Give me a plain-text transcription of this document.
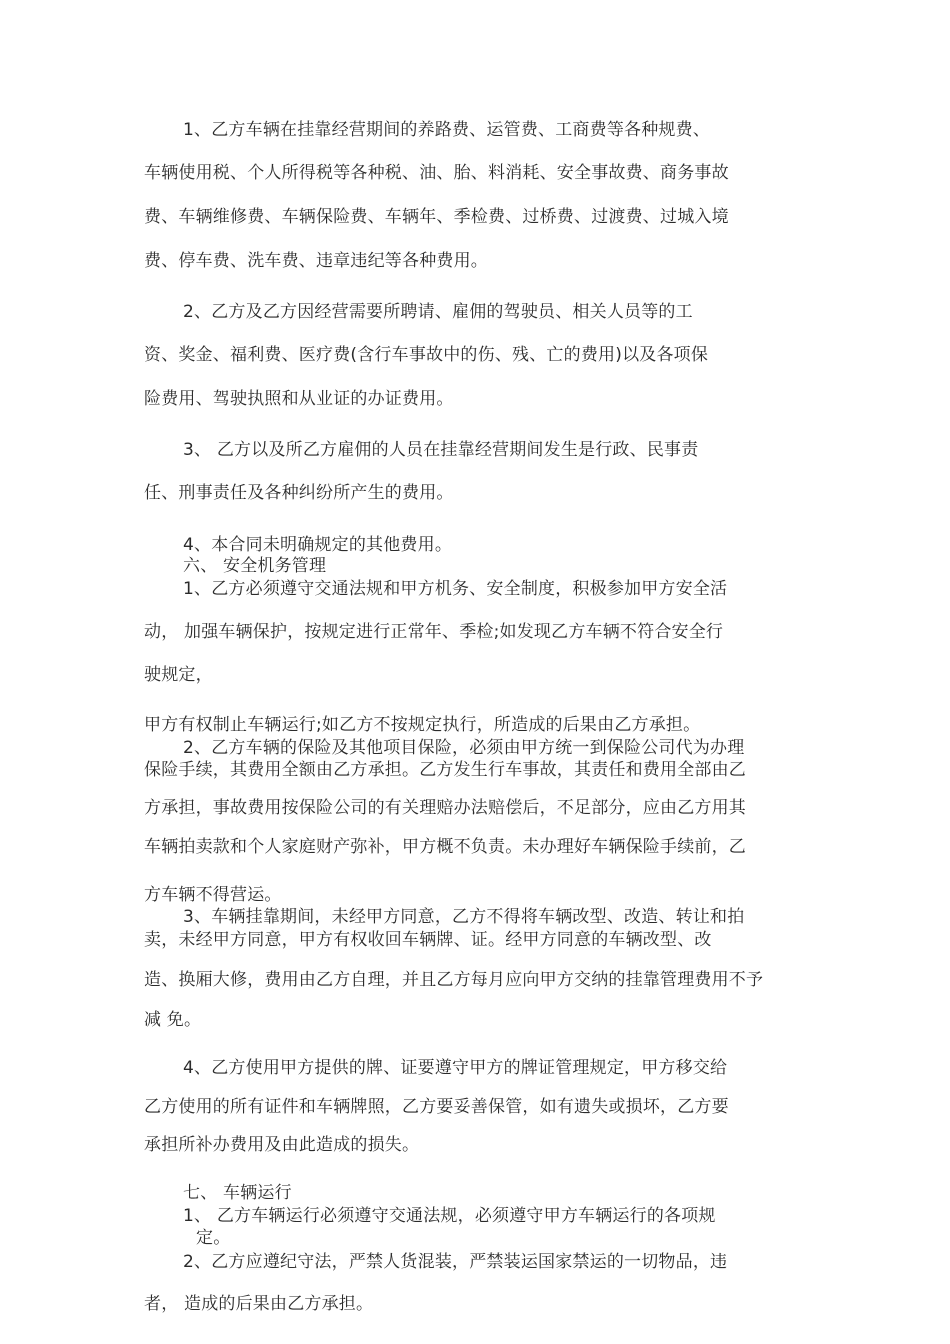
1、乙方车辆在挂靠经营期间的养路费、运管费、工商费等各种规费、
车辆使用税、个人所得税等各种税、油、胎、料消耗、安全事故费、商务事故
费、车辆维修费、车辆保险费、车辆年、季检费、过桥费、过渡费、过城入境
费、停车费、洗车费、违章违纪等各种费用。
2、乙方及乙方因经营需要所聘请、雇佣的驾驶员、相关人员等的工
资、奖金、福利费、医疗费(含行车事故中的伤、残、亡的费用)以及各项保
险费用、驾驶执照和从业证的办证费用。
3、 乙方以及所乙方雇佣的人员在挂靠经营期间发生是行政、民事责
任、刑事责任及各种纠纷所产生的费用。
4、本合同未明确规定的其他费用。
六、 安全机务管理
1、乙方必须遵守交通法规和甲方机务、安全制度，积极参加甲方安全活
动， 加强车辆保护，按规定进行正常年、季检;如发现乙方车辆不符合安全行
驶规定，
甲方有权制止车辆运行;如乙方不按规定执行，所造成的后果由乙方承担。
2、乙方车辆的保险及其他项目保险，必须由甲方统一到保险公司代为办理
保险手续，其费用全额由乙方承担。乙方发生行车事故，其责任和费用全部由乙
方承担，事故费用按保险公司的有关理赔办法赔偿后，不足部分，应由乙方用其
车辆拍卖款和个人家庭财产弥补，甲方概不负责。未办理好车辆保险手续前，乙
方车辆不得营运。
3、车辆挂靠期间，未经甲方同意，乙方不得将车辆改型、改造、转让和拍
卖，未经甲方同意，甲方有权收回车辆牌、证。经甲方同意的车辆改型、改
造、换厢大修，费用由乙方自理，并且乙方每月应向甲方交纳的挂靠管理费用不予
减 免。
4、乙方使用甲方提供的牌、证要遵守甲方的牌证管理规定，甲方移交给
乙方使用的所有证件和车辆牌照，乙方要妥善保管，如有遗失或损坏，乙方要
承担所补办费用及由此造成的损失。
七、 车辆运行
1、 乙方车辆运行必须遵守交通法规，必须遵守甲方车辆运行的各项规
定。
2、乙方应遵纪守法，严禁人货混装，严禁装运国家禁运的一切物品，违
者， 造成的后果由乙方承担。
